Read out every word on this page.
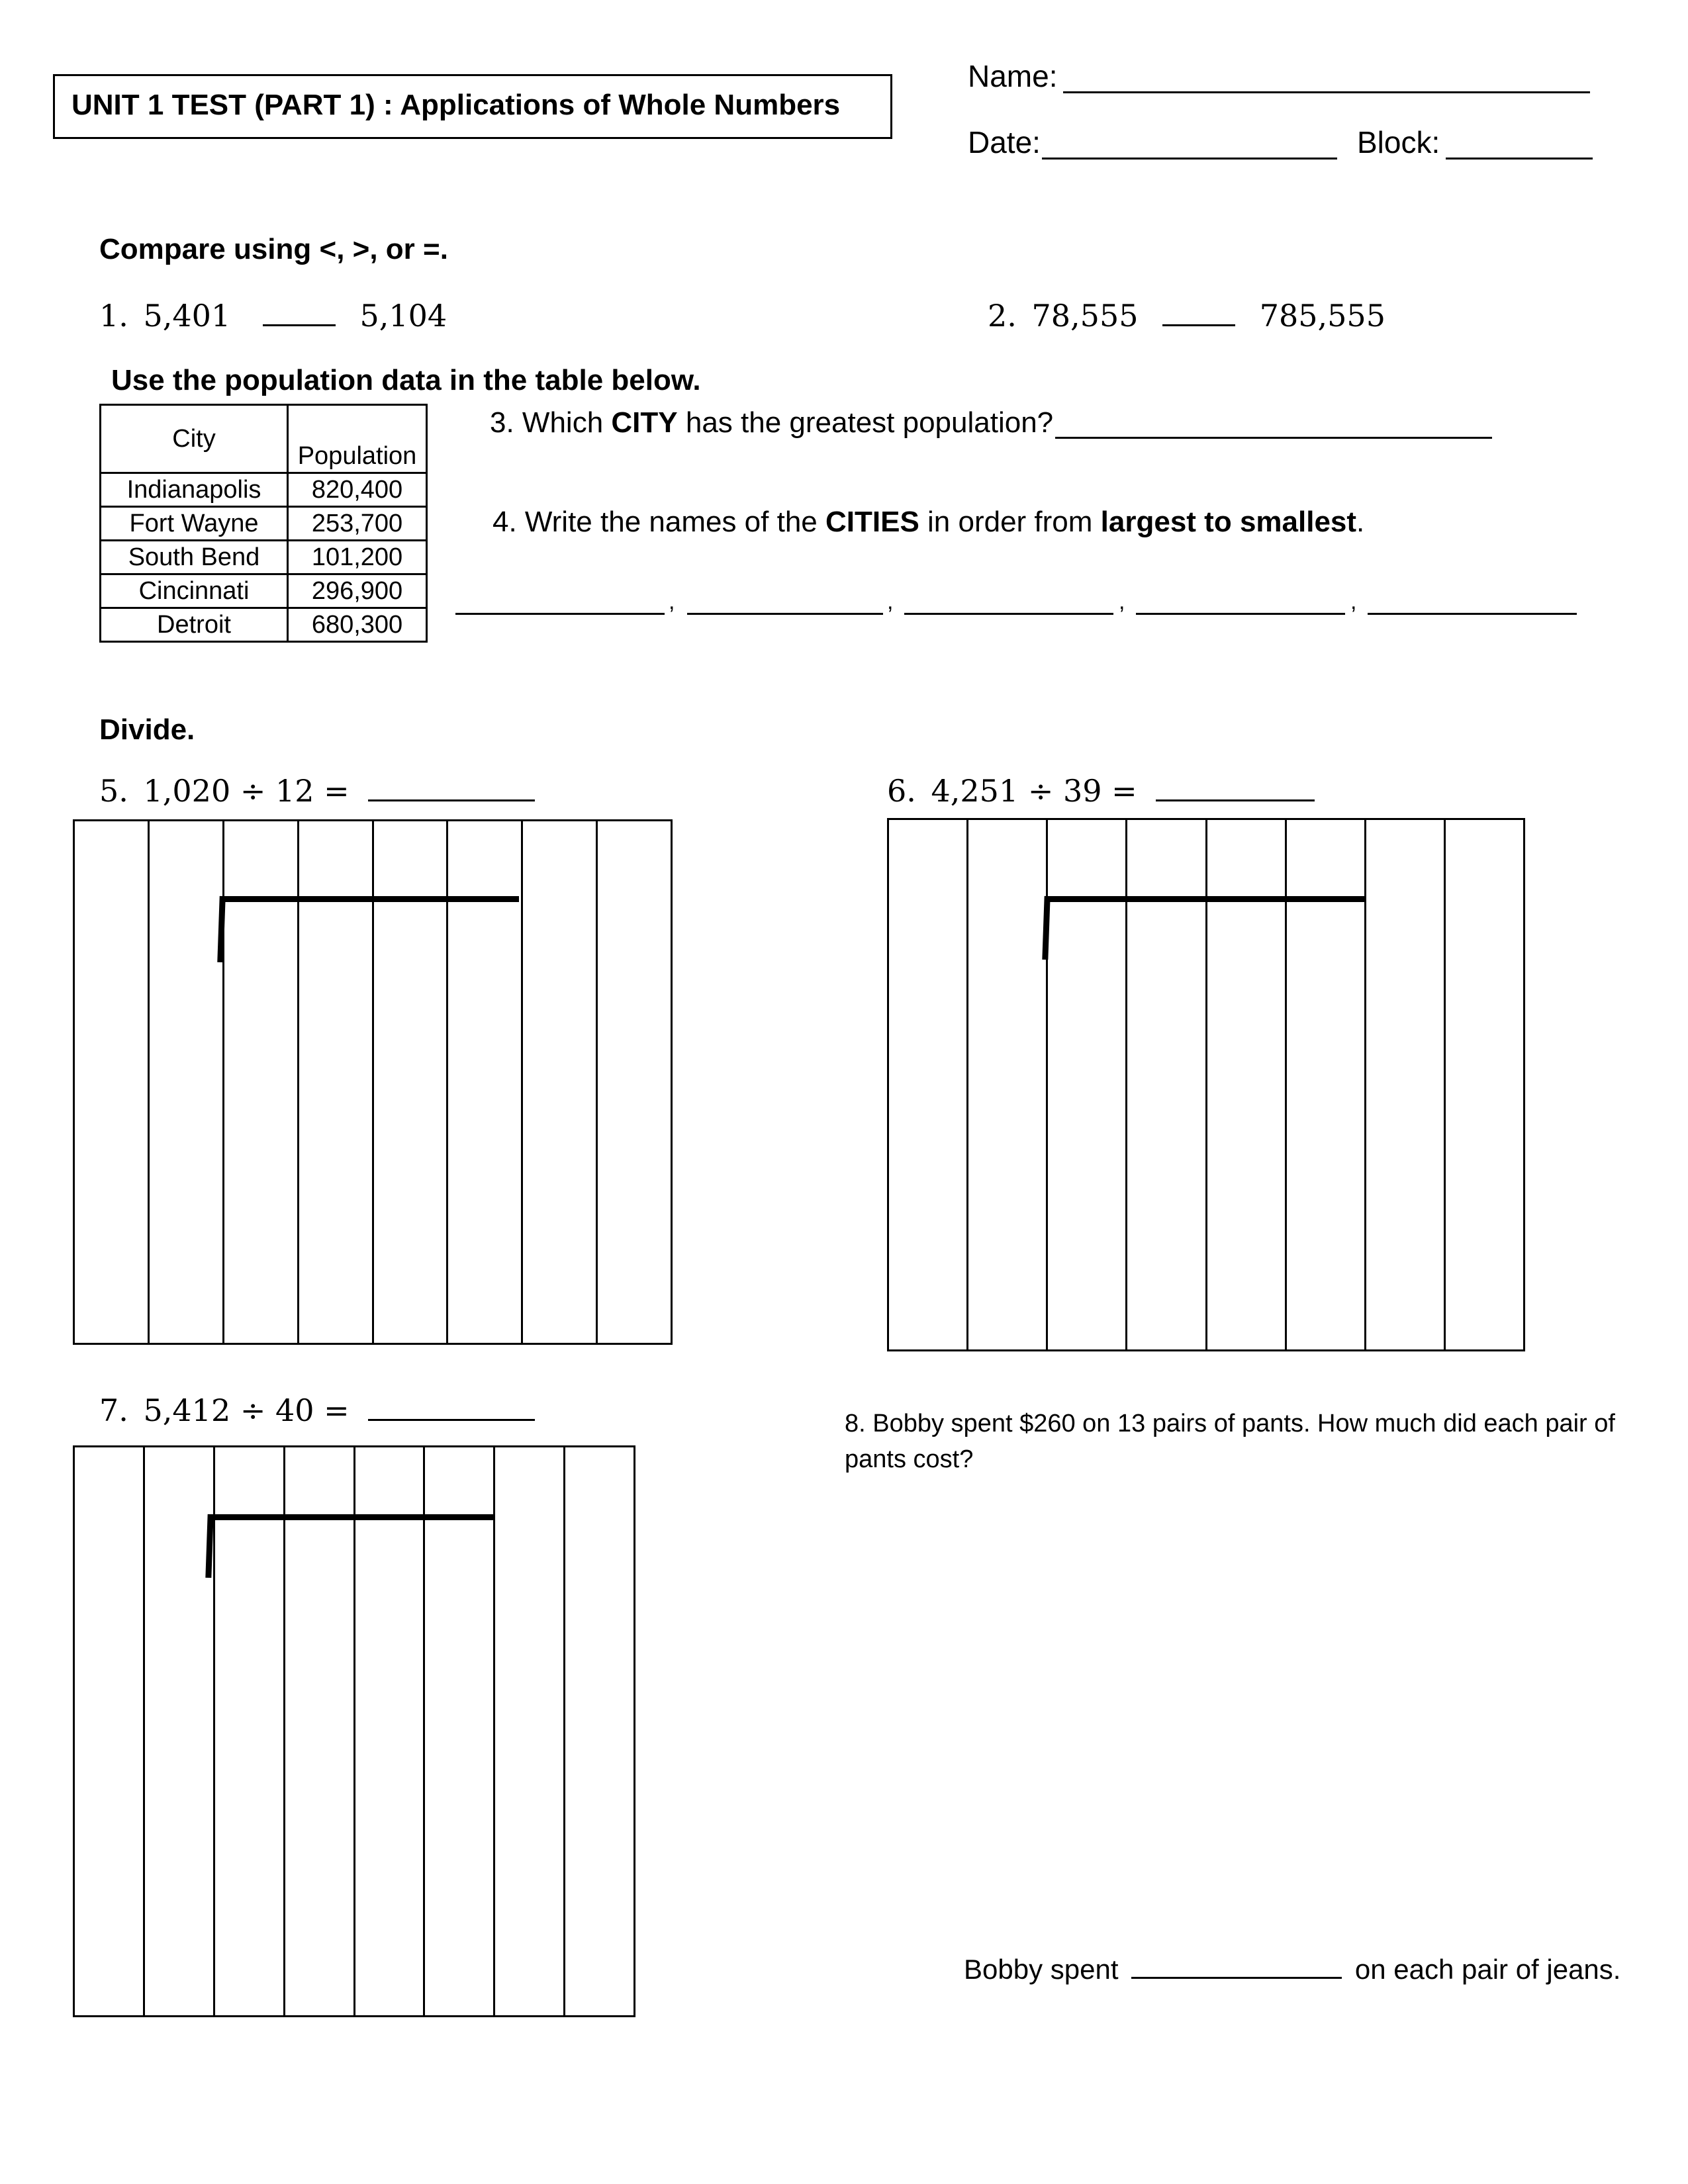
UNIT 1 TEST (PART 1) : Applications of Whole Numbers
Name:
Date:	Block:
Compare using <, >, or =.
1. 5,401	5,104	2. 78,555	785,555
Use the population data in the table below.
City	Population
Indianapolis	820,400
Fort Wayne	253,700
South Bend	101,200
Cincinnati	296,900
Detroit	680,300
3. Which CITY has the greatest population?
4. Write the names of the CITIES in order from largest to smallest.
,	,	,	,
Divide.
5. 1,020 ÷ 12 =	6. 4,251 ÷ 39 =
7. 5,412 ÷ 40 =	8. Bobby spent $260 on 13 pairs of pants. How much did each pair of pants cost?
Bobby spent	on each pair of jeans.
